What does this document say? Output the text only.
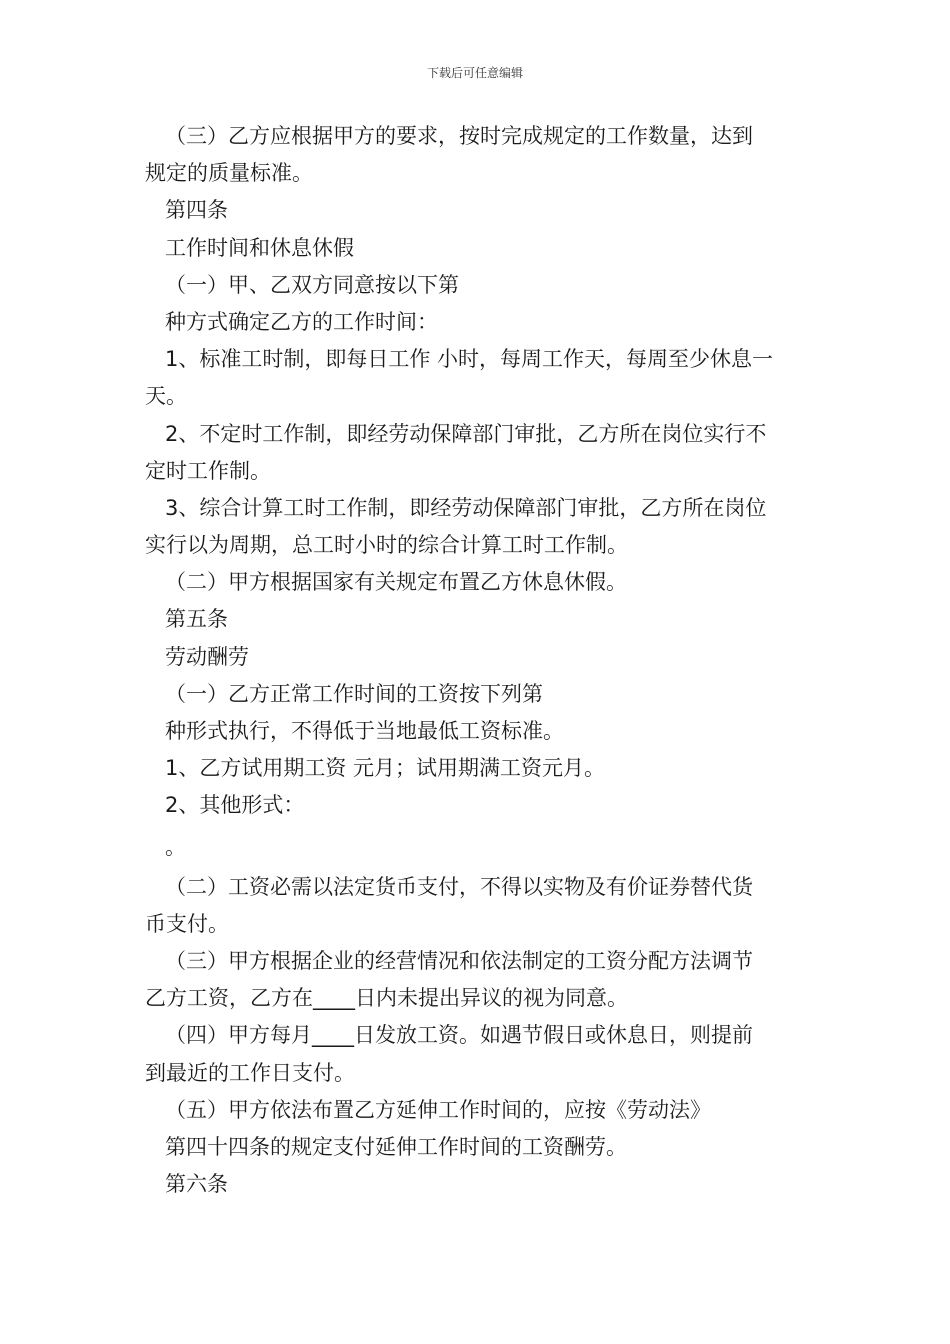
下载后可任意编辑
（三）乙方应根据甲方的要求，按时完成规定的工作数量，达到
规定的质量标准。
第四条
工作时间和休息休假
（一）甲、乙双方同意按以下第
种方式确定乙方的工作时间：
1、标准工时制，即每日工作 小时，每周工作天，每周至少休息一
天。
2、不定时工作制，即经劳动保障部门审批，乙方所在岗位实行不
定时工作制。
3、综合计算工时工作制，即经劳动保障部门审批，乙方所在岗位
实行以为周期，总工时小时的综合计算工时工作制。
（二）甲方根据国家有关规定布置乙方休息休假。
第五条
劳动酬劳
（一）乙方正常工作时间的工资按下列第
种形式执行，不得低于当地最低工资标准。
1、乙方试用期工资 元月；试用期满工资元月。
2、其他形式：
。
（二）工资必需以法定货币支付，不得以实物及有价证券替代货
币支付。
（三）甲方根据企业的经营情况和依法制定的工资分配方法调节
乙方工资，乙方在____日内未提出异议的视为同意。
（四）甲方每月____日发放工资。如遇节假日或休息日，则提前
到最近的工作日支付。
（五）甲方依法布置乙方延伸工作时间的，应按《劳动法》
第四十四条的规定支付延伸工作时间的工资酬劳。
第六条
